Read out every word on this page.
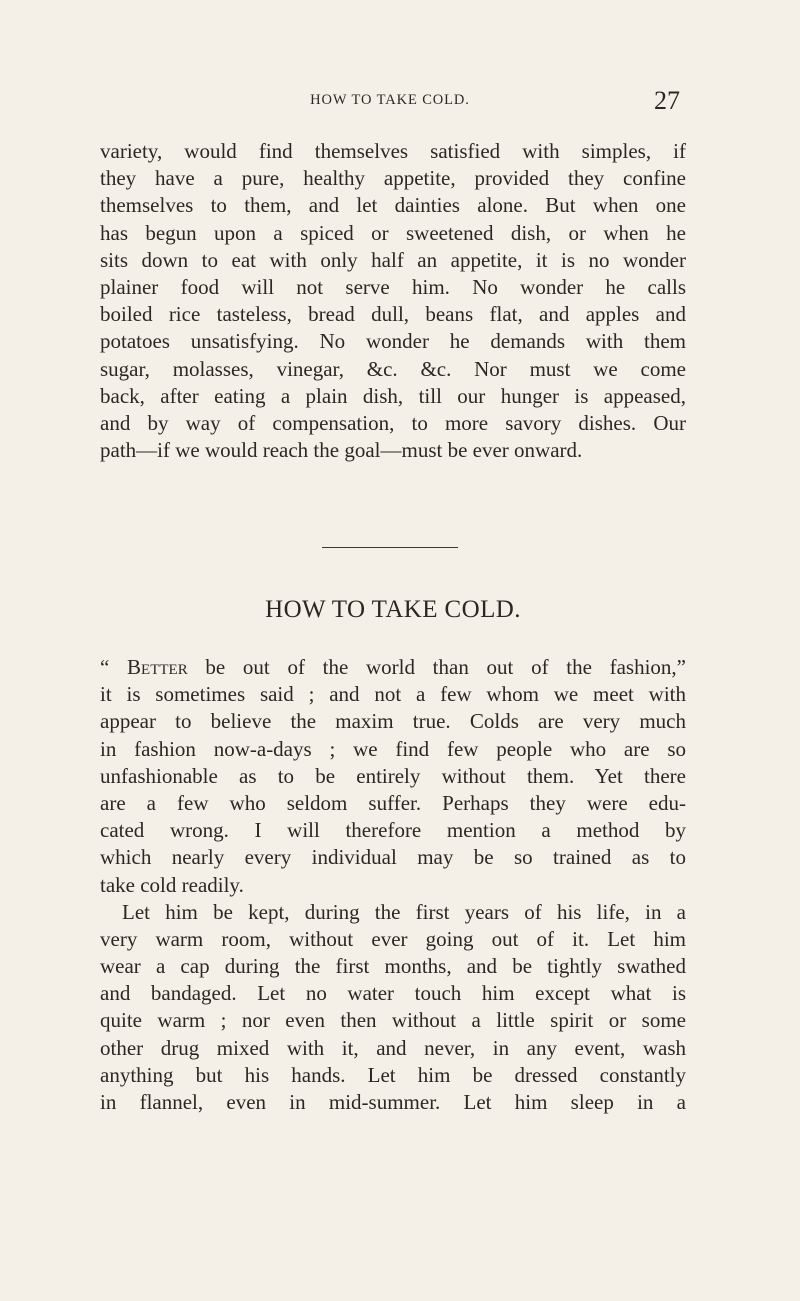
HOW TO TAKE COLD.	27
variety, would find themselves satisfied with simples, if
they have a pure, healthy appetite, provided they confine
themselves to them, and let dainties alone. But when one
has begun upon a spiced or sweetened dish, or when he
sits down to eat with only half an appetite, it is no wonder
plainer food will not serve him. No wonder he calls
boiled rice tasteless, bread dull, beans flat, and apples and
potatoes unsatisfying. No wonder he demands with them
sugar, molasses, vinegar, &c. &c. Nor must we come
back, after eating a plain dish, till our hunger is appeased,
and by way of compensation, to more savory dishes. Our
path—if we would reach the goal—must be ever onward.
HOW TO TAKE COLD.
“ Better be out of the world than out of the fashion,”
it is sometimes said ; and not a few whom we meet with
appear to believe the maxim true. Colds are very much
in fashion now-a-days ; we find few people who are so
unfashionable as to be entirely without them. Yet there
are a few who seldom suffer. Perhaps they were edu-
cated wrong. I will therefore mention a method by
which nearly every individual may be so trained as to
take cold readily.
Let him be kept, during the first years of his life, in a
very warm room, without ever going out of it. Let him
wear a cap during the first months, and be tightly swathed
and bandaged. Let no water touch him except what is
quite warm ; nor even then without a little spirit or some
other drug mixed with it, and never, in any event, wash
anything but his hands. Let him be dressed constantly
in flannel, even in mid-summer. Let him sleep in a
